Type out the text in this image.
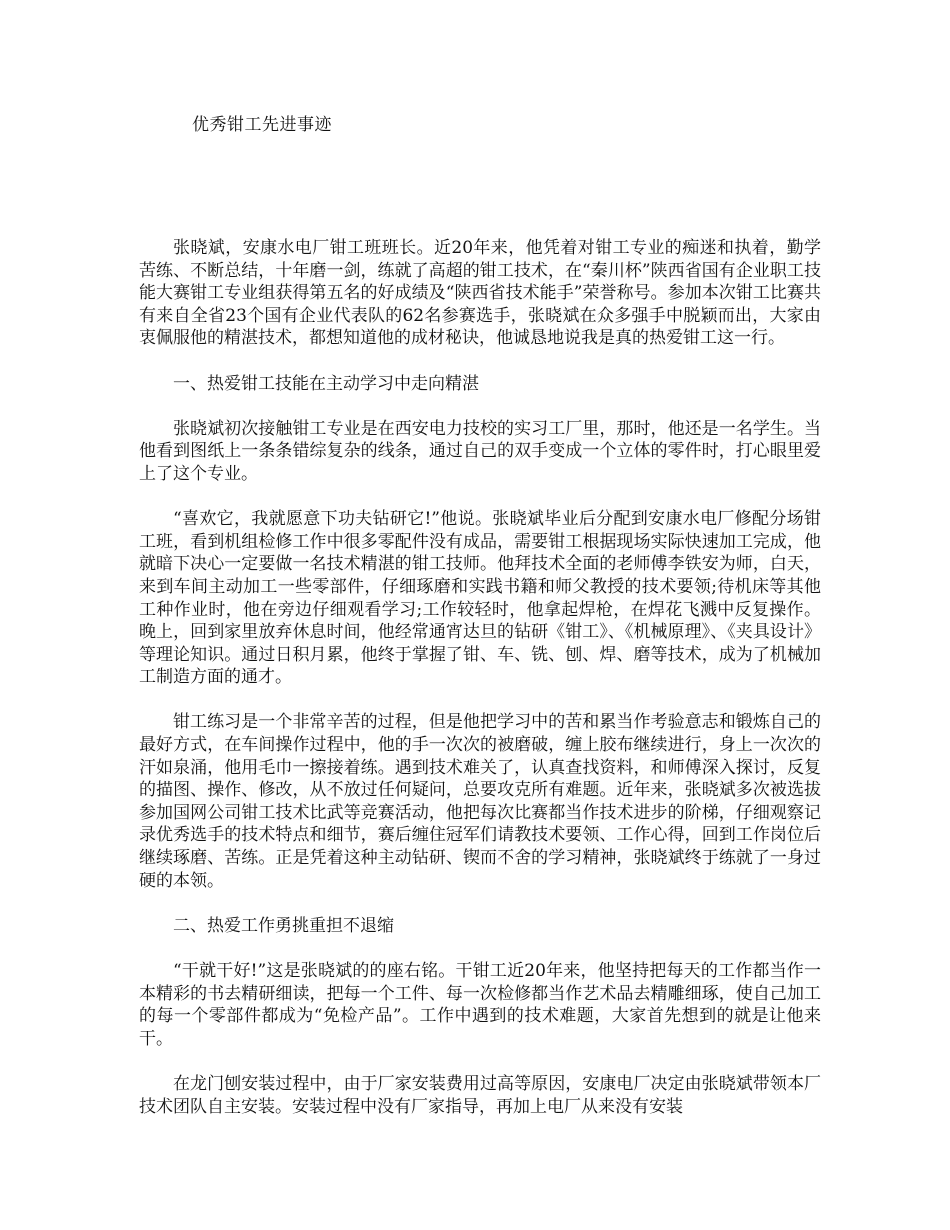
优秀钳工先进事迹

张晓斌，安康水电厂钳工班班长。近20年来，他凭着对钳工专业的痴迷和执着，勤学苦练、不断总结，十年磨一剑，练就了高超的钳工技术，在“秦川杯”陕西省国有企业职工技能大赛钳工专业组获得第五名的好成绩及“陕西省技术能手”荣誉称号。参加本次钳工比赛共有来自全省23个国有企业代表队的62名参赛选手，张晓斌在众多强手中脱颖而出，大家由衷佩服他的精湛技术，都想知道他的成材秘诀，他诚恳地说我是真的热爱钳工这一行。

一、热爱钳工技能在主动学习中走向精湛

张晓斌初次接触钳工专业是在西安电力技校的实习工厂里，那时，他还是一名学生。当他看到图纸上一条条错综复杂的线条，通过自己的双手变成一个立体的零件时，打心眼里爱上了这个专业。

“喜欢它，我就愿意下功夫钻研它!”他说。张晓斌毕业后分配到安康水电厂修配分场钳工班，看到机组检修工作中很多零配件没有成品，需要钳工根据现场实际快速加工完成，他就暗下决心一定要做一名技术精湛的钳工技师。他拜技术全面的老师傅李铁安为师，白天，来到车间主动加工一些零部件，仔细琢磨和实践书籍和师父教授的技术要领;待机床等其他工种作业时，他在旁边仔细观看学习;工作较轻时，他拿起焊枪，在焊花飞溅中反复操作。晚上，回到家里放弃休息时间，他经常通宵达旦的钻研《钳工》、《机械原理》、《夹具设计》等理论知识。通过日积月累，他终于掌握了钳、车、铣、刨、焊、磨等技术，成为了机械加工制造方面的通才。

钳工练习是一个非常辛苦的过程，但是他把学习中的苦和累当作考验意志和锻炼自己的最好方式，在车间操作过程中，他的手一次次的被磨破，缠上胶布继续进行，身上一次次的汗如泉涌，他用毛巾一擦接着练。遇到技术难关了，认真查找资料，和师傅深入探讨，反复的描图、操作、修改，从不放过任何疑问，总要攻克所有难题。近年来，张晓斌多次被选拔参加国网公司钳工技术比武等竞赛活动，他把每次比赛都当作技术进步的阶梯，仔细观察记录优秀选手的技术特点和细节，赛后缠住冠军们请教技术要领、工作心得，回到工作岗位后继续琢磨、苦练。正是凭着这种主动钻研、锲而不舍的学习精神，张晓斌终于练就了一身过硬的本领。

二、热爱工作勇挑重担不退缩

“干就干好!”这是张晓斌的的座右铭。干钳工近20年来，他坚持把每天的工作都当作一本精彩的书去精研细读，把每一个工件、每一次检修都当作艺术品去精雕细琢，使自己加工的每一个零部件都成为“免检产品”。工作中遇到的技术难题，大家首先想到的就是让他来干。

在龙门刨安装过程中，由于厂家安装费用过高等原因，安康电厂决定由张晓斌带领本厂技术团队自主安装。安装过程中没有厂家指导，再加上电厂从来没有安装
